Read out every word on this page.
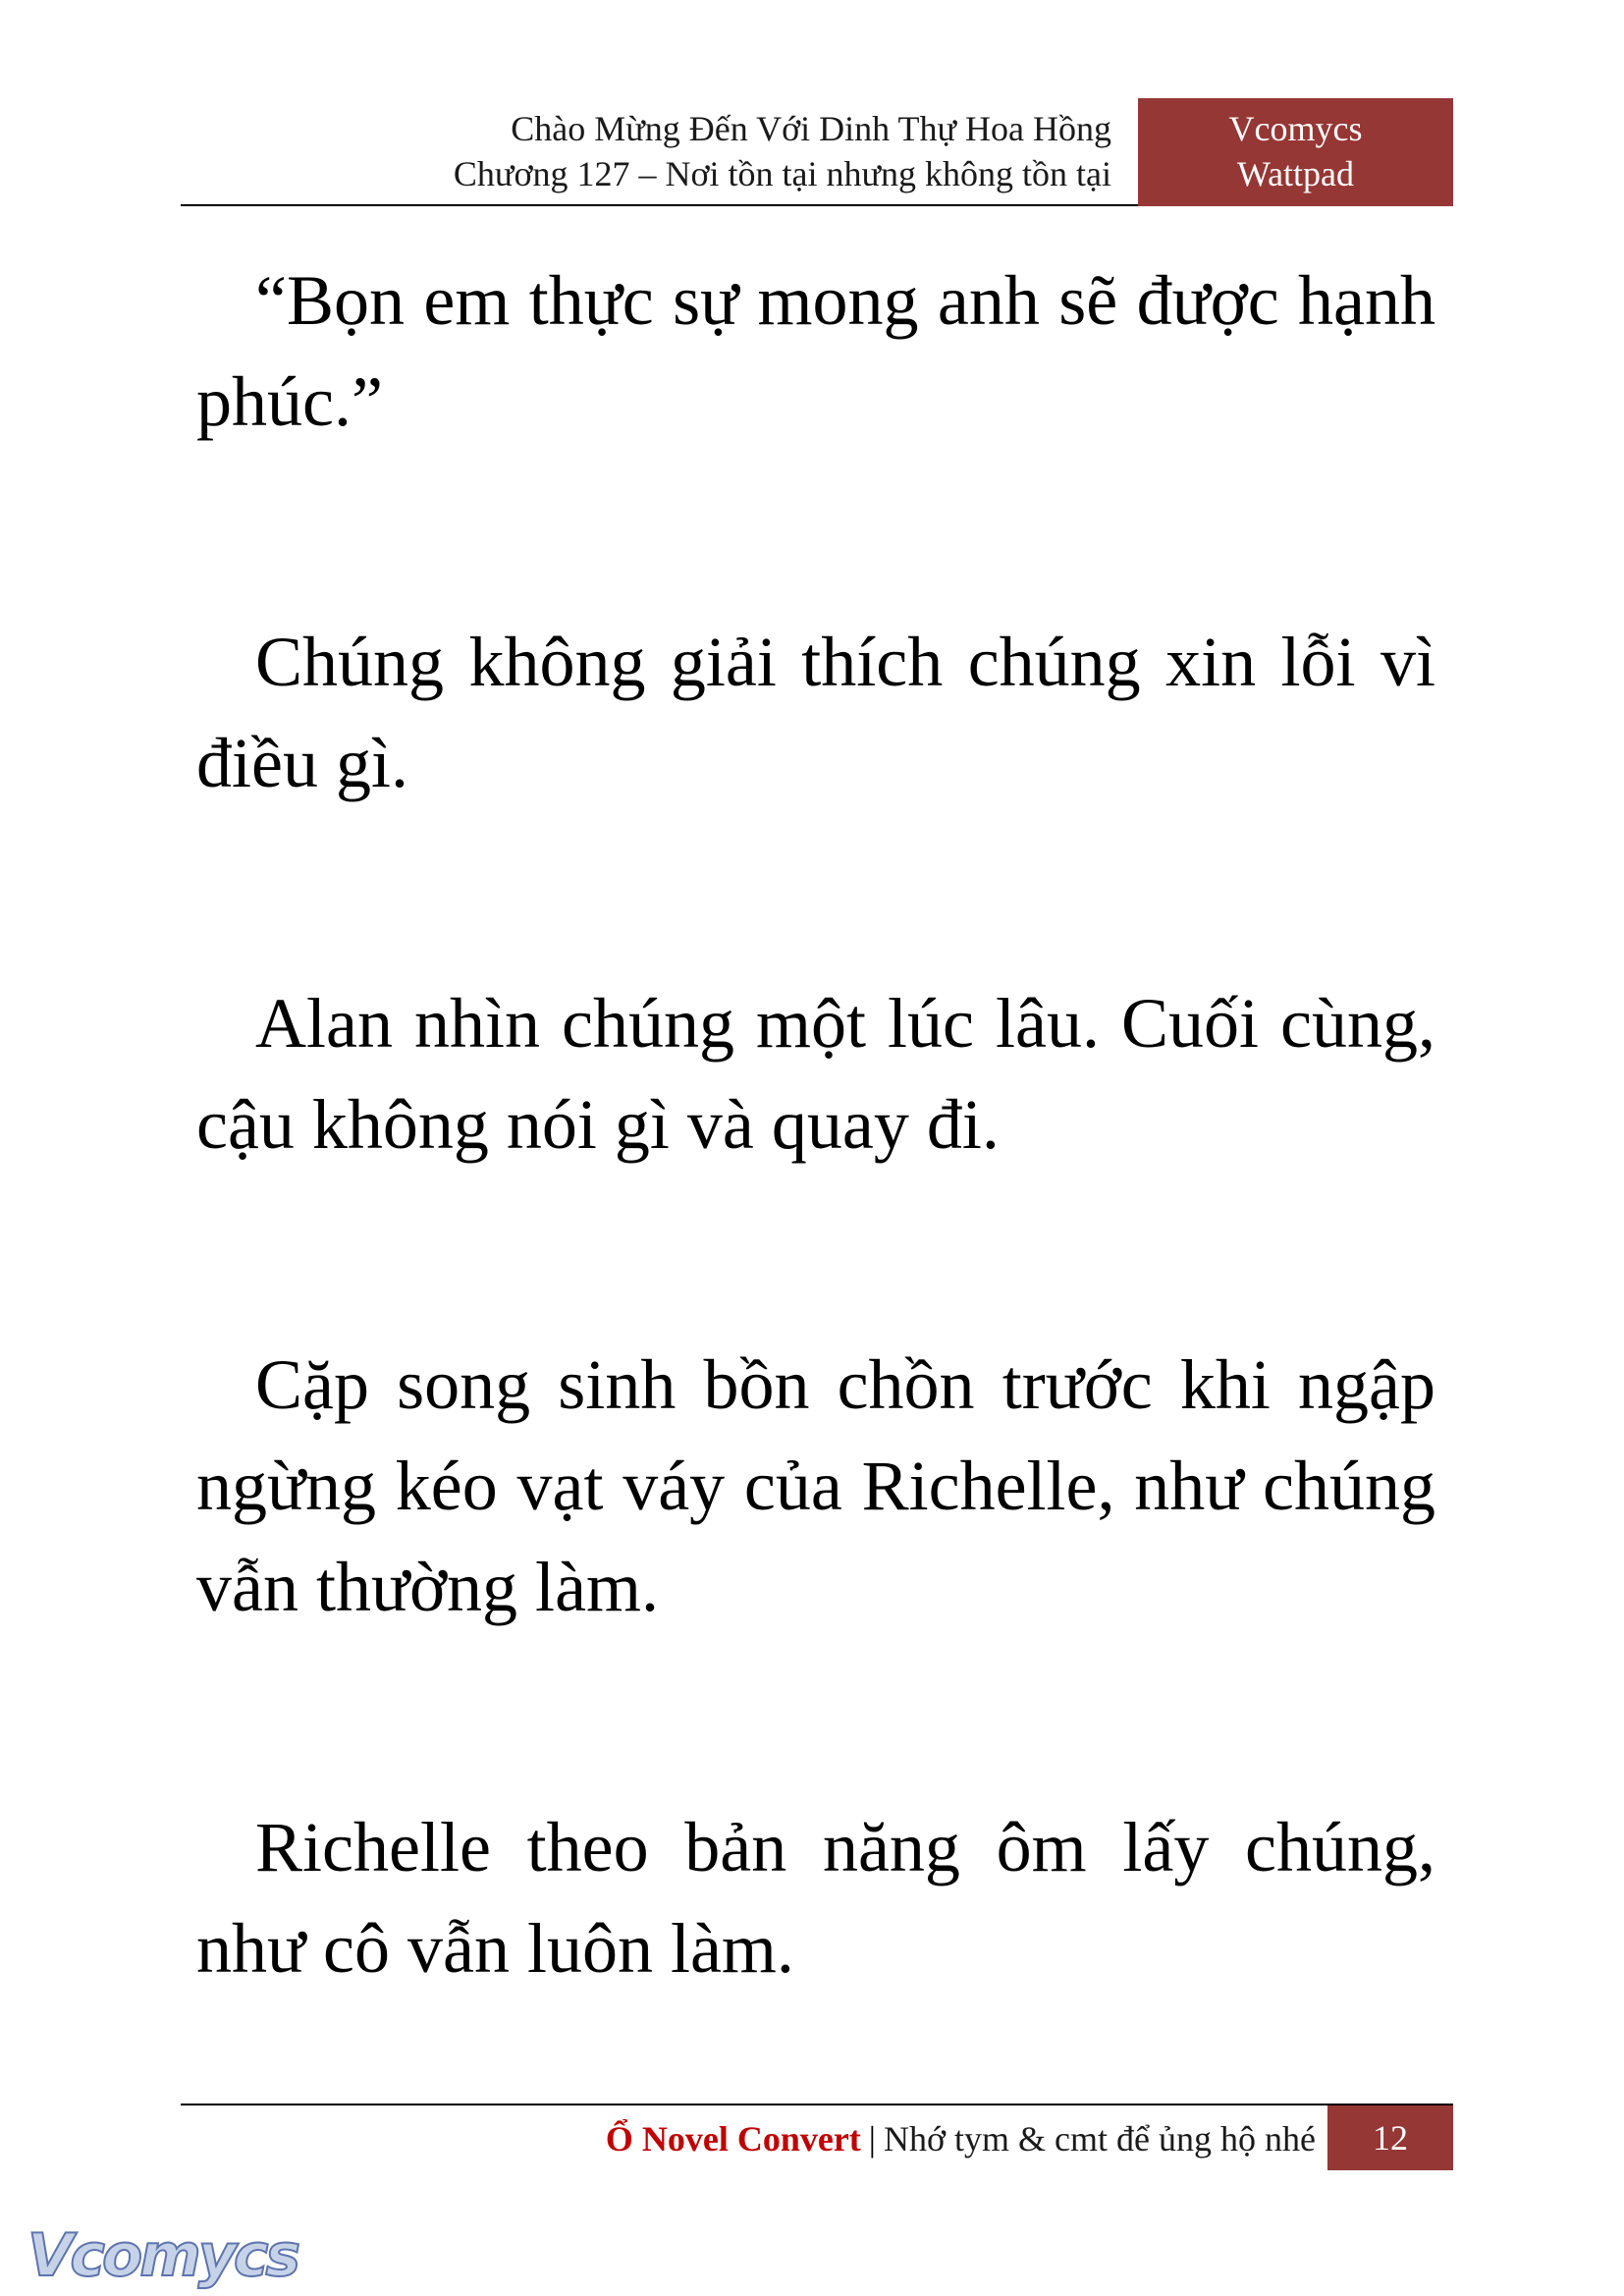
Chào Mừng Đến Với Dinh Thự Hoa Hồng
Chương 127 – Nơi tồn tại nhưng không tồn tại
Vcomycs
Wattpad

“Bọn em thực sự mong anh sẽ được hạnh phúc.”

Chúng không giải thích chúng xin lỗi vì điều gì.

Alan nhìn chúng một lúc lâu. Cuối cùng, cậu không nói gì và quay đi.

Cặp song sinh bồn chồn trước khi ngập ngừng kéo vạt váy của Richelle, như chúng vẫn thường làm.

Richelle theo bản năng ôm lấy chúng, như cô vẫn luôn làm.

Ổ Novel Convert | Nhớ tym & cmt để ủng hộ nhé	12
Vcomycs
